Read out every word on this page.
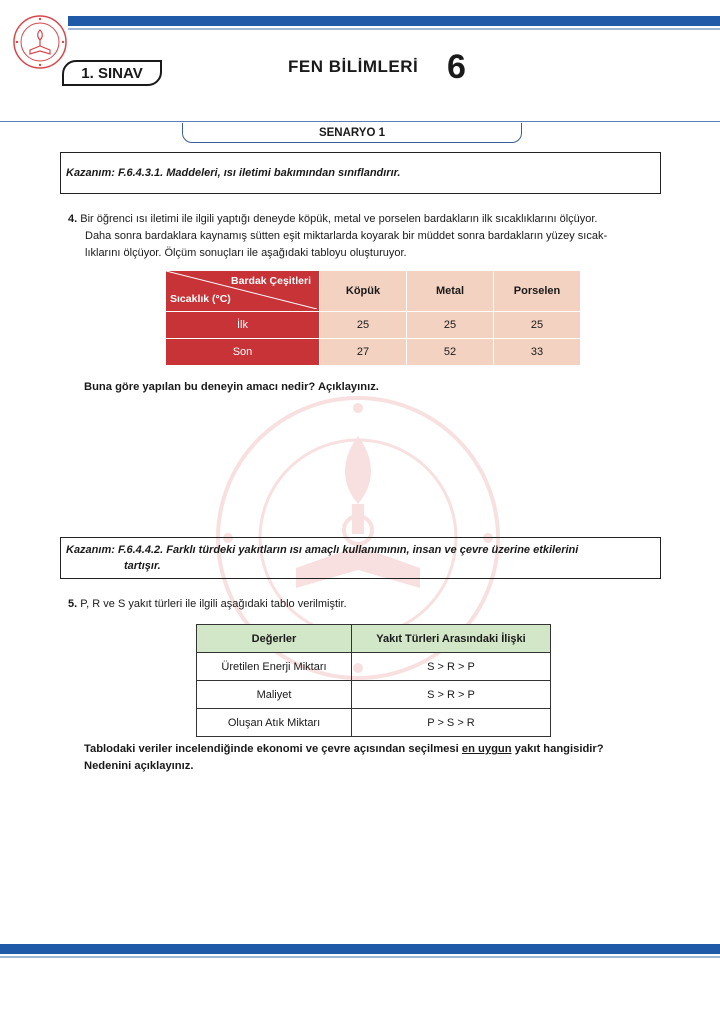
1. SINAV	FEN BİLİMLERİ 6
SENARYO 1
Kazanım: F.6.4.3.1. Maddeleri, ısı iletimi bakımından sınıflandırır.
4. Bir öğrenci ısı iletimi ile ilgili yaptığı deneyde köpük, metal ve porselen bardakların ilk sıcaklıklarını ölçüyor.
Daha sonra bardaklara kaynamış sütten eşit miktarlarda koyarak bir müddet sonra bardakların yüzey sıcak-
lıklarını ölçüyor. Ölçüm sonuçları ile aşağıdaki tabloyu oluşturuyor.
Bardak Çeşitleri
Sıcaklık (°C)	Köpük	Metal	Porselen
İlk	25	25	25
Son	27	52	33
Buna göre yapılan bu deneyin amacı nedir? Açıklayınız.
Kazanım: F.6.4.4.2. Farklı türdeki yakıtların ısı amaçlı kullanımının, insan ve çevre üzerine etkilerini
tartışır.
5. P, R ve S yakıt türleri ile ilgili aşağıdaki tablo verilmiştir.
Değerler	Yakıt Türleri Arasındaki İlişki
Üretilen Enerji Miktarı	S > R > P
Maliyet	S > R > P
Oluşan Atık Miktarı	P > S > R
Tablodaki veriler incelendiğinde ekonomi ve çevre açısından seçilmesi en uygun yakıt hangisidir?
Nedenini açıklayınız.
